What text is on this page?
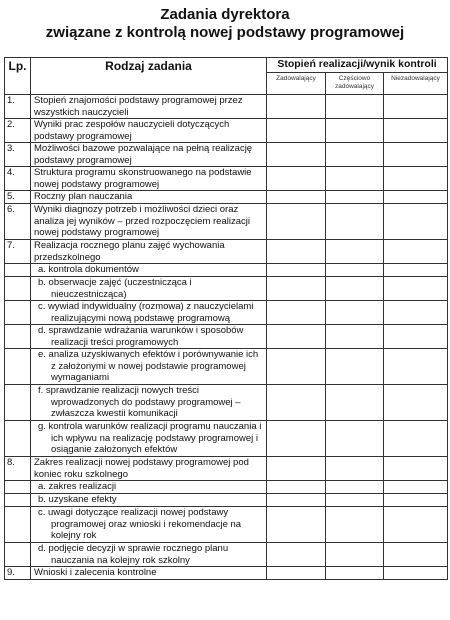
Zadania dyrektora
związane z kontrolą nowej podstawy programowej
Lp.	Rodzaj zadania	Stopień realizacji/wynik kontroli		
		Zadowalający	Częściowo zadowalający	Niezadowalający
1.	Stopień znajomości podstawy programowej przez wszystkich nauczycieli			
2.	Wyniki prac zespołów nauczycieli dotyczących podstawy programowej			
3.	Możliwości bazowe pozwalające na pełną realizację podstawy programowej			
4.	Struktura programu skonstruowanego na podstawie nowej podstawy programowej			
5.	Roczny plan nauczania			
6.	Wyniki diagnozy potrzeb i możliwości dzieci oraz analiza jej wyników – przed rozpoczęciem realizacji nowej podstawy programowej			
7.	Realizacja rocznego planu zajęć wychowania przedszkolnego			
	a. kontrola dokumentów			
	b. obserwacje zajęć (uczestnicząca i nieuczestnicząca)			
	c. wywiad indywidualny (rozmowa) z nauczycielami realizującymi nową podstawę programową			
	d. sprawdzanie wdrażania warunków i sposobów realizacji treści programowych			
	e. analiza uzyskiwanych efektów i porównywanie ich z założonymi w nowej podstawie programowej wymaganiami			
	f. sprawdzanie realizacji nowych treści wprowadzonych do podstawy programowej – zwłaszcza kwestii komunikacji			
	g. kontrola warunków realizacji programu nauczania i ich wpływu na realizację podstawy programowej i osiąganie założonych efektów			
8.	Zakres realizacji nowej podstawy programowej pod koniec roku szkolnego			
	a. zakres realizacji			
	b. uzyskane efekty			
	c. uwagi dotyczące realizacji nowej podstawy programowej oraz wnioski i rekomendacje na kolejny rok			
	d. podjęcie decyzji w sprawie rocznego planu nauczania na kolejny rok szkolny			
9.	Wnioski i zalecenia kontrolne			
